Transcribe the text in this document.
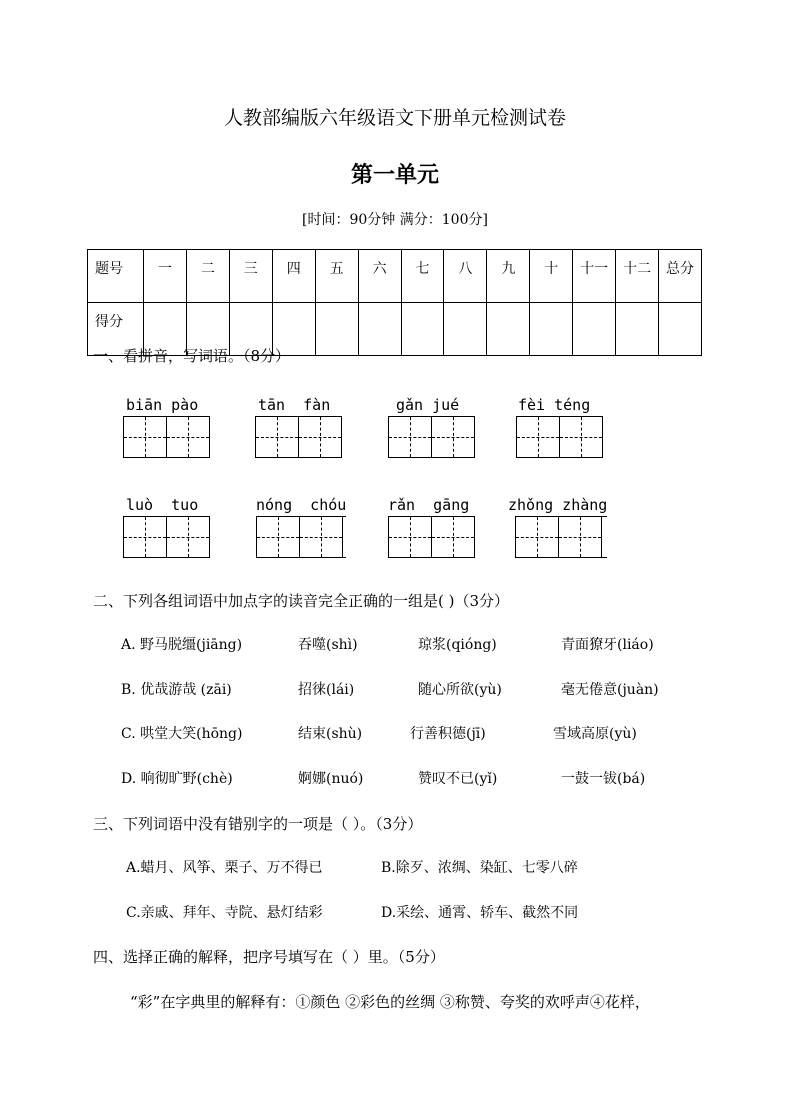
人教部编版六年级语文下册单元检测试卷
第一单元
[时间：90分钟 满分：100分]
题号	一	二	三	四	五	六	七	八	九	十	十一	十二	总分
得分													
一、看拼音，写词语。（8分）
biān pào	tān  fàn	gǎn jué	fèi téng
luò  tuo	nóng  chóu	rǎn  gāng	zhǒng zhàng
二、下列各组词语中加点字的读音完全正确的一组是( )（3分）
A. 野马脱缰(jiāng)	吞噬(shì)	琼浆(qióng)	青面獠牙(liáo)
B. 优哉游哉 (zāi)	招徕(lái)	随心所欲(yù)	毫无倦意(juàn)
C. 哄堂大笑(hōng)	结束(shù)	行善积德(jī)	雪域高原(yù)
D. 响彻旷野(chè)	婀娜(nuó)	赞叹不已(yǐ)	一鼓一钹(bá)
三、下列词语中没有错别字的一项是（ ）。（3分）
A.蜡月、风筝、栗子、万不得已	B.除歹、浓绸、染缸、七零八碎
C.亲戚、拜年、寺院、悬灯结彩	D.采绘、通霄、轿车、截然不同
四、选择正确的解释，把序号填写在（ ）里。（5分）
“彩”在字典里的解释有：①颜色 ②彩色的丝绸 ③称赞、夸奖的欢呼声④花样，
